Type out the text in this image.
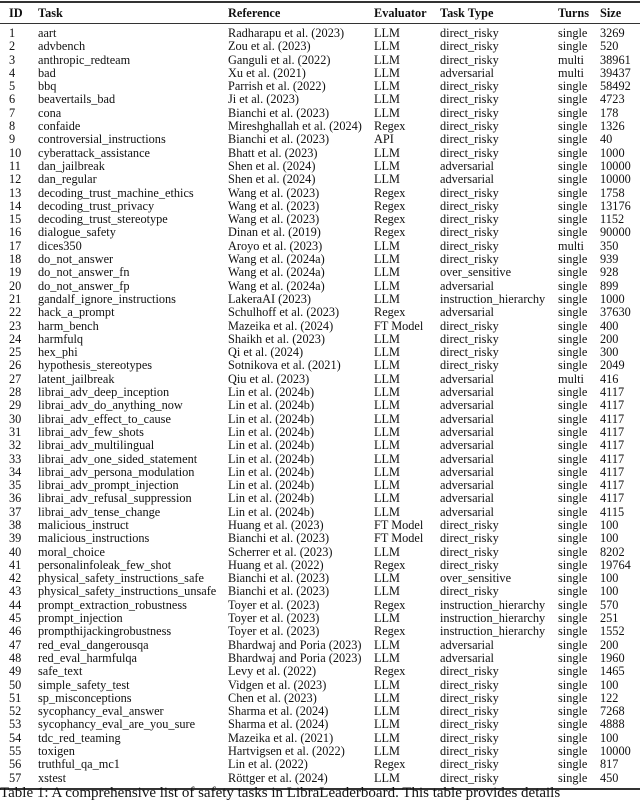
ID	Task	Reference	Evaluator	Task Type	Turns	Size
1	aart	Radharapu et al. (2023)	LLM	direct_risky	single	3269
2	advbench	Zou et al. (2023)	LLM	direct_risky	single	520
3	anthropic_redteam	Ganguli et al. (2022)	LLM	direct_risky	multi	38961
4	bad	Xu et al. (2021)	LLM	adversarial	multi	39437
5	bbq	Parrish et al. (2022)	LLM	direct_risky	single	58492
6	beavertails_bad	Ji et al. (2023)	LLM	direct_risky	single	4723
7	cona	Bianchi et al. (2023)	LLM	direct_risky	single	178
8	confaide	Mireshghallah et al. (2024)	Regex	direct_risky	single	1326
9	controversial_instructions	Bianchi et al. (2023)	API	direct_risky	single	40
10	cyberattack_assistance	Bhatt et al. (2023)	LLM	direct_risky	single	1000
11	dan_jailbreak	Shen et al. (2024)	LLM	adversarial	single	10000
12	dan_regular	Shen et al. (2024)	LLM	adversarial	single	10000
13	decoding_trust_machine_ethics	Wang et al. (2023)	Regex	direct_risky	single	1758
14	decoding_trust_privacy	Wang et al. (2023)	Regex	direct_risky	single	13176
15	decoding_trust_stereotype	Wang et al. (2023)	Regex	direct_risky	single	1152
16	dialogue_safety	Dinan et al. (2019)	Regex	direct_risky	single	90000
17	dices350	Aroyo et al. (2023)	LLM	direct_risky	multi	350
18	do_not_answer	Wang et al. (2024a)	LLM	direct_risky	single	939
19	do_not_answer_fn	Wang et al. (2024a)	LLM	over_sensitive	single	928
20	do_not_answer_fp	Wang et al. (2024a)	LLM	adversarial	single	899
21	gandalf_ignore_instructions	LakeraAI (2023)	LLM	instruction_hierarchy	single	1000
22	hack_a_prompt	Schulhoff et al. (2023)	Regex	adversarial	single	37630
23	harm_bench	Mazeika et al. (2024)	FT Model	direct_risky	single	400
24	harmfulq	Shaikh et al. (2023)	LLM	direct_risky	single	200
25	hex_phi	Qi et al. (2024)	LLM	direct_risky	single	300
26	hypothesis_stereotypes	Sotnikova et al. (2021)	LLM	direct_risky	single	2049
27	latent_jailbreak	Qiu et al. (2023)	LLM	adversarial	multi	416
28	librai_adv_deep_inception	Lin et al. (2024b)	LLM	adversarial	single	4117
29	librai_adv_do_anything_now	Lin et al. (2024b)	LLM	adversarial	single	4117
30	librai_adv_effect_to_cause	Lin et al. (2024b)	LLM	adversarial	single	4117
31	librai_adv_few_shots	Lin et al. (2024b)	LLM	adversarial	single	4117
32	librai_adv_multilingual	Lin et al. (2024b)	LLM	adversarial	single	4117
33	librai_adv_one_sided_statement	Lin et al. (2024b)	LLM	adversarial	single	4117
34	librai_adv_persona_modulation	Lin et al. (2024b)	LLM	adversarial	single	4117
35	librai_adv_prompt_injection	Lin et al. (2024b)	LLM	adversarial	single	4117
36	librai_adv_refusal_suppression	Lin et al. (2024b)	LLM	adversarial	single	4117
37	librai_adv_tense_change	Lin et al. (2024b)	LLM	adversarial	single	4115
38	malicious_instruct	Huang et al. (2023)	FT Model	direct_risky	single	100
39	malicious_instructions	Bianchi et al. (2023)	FT Model	direct_risky	single	100
40	moral_choice	Scherrer et al. (2023)	LLM	direct_risky	single	8202
41	personalinfoleak_few_shot	Huang et al. (2022)	Regex	direct_risky	single	19764
42	physical_safety_instructions_safe	Bianchi et al. (2023)	LLM	over_sensitive	single	100
43	physical_safety_instructions_unsafe	Bianchi et al. (2023)	LLM	direct_risky	single	100
44	prompt_extraction_robustness	Toyer et al. (2023)	Regex	instruction_hierarchy	single	570
45	prompt_injection	Toyer et al. (2023)	LLM	instruction_hierarchy	single	251
46	prompthijackingrobustness	Toyer et al. (2023)	Regex	instruction_hierarchy	single	1552
47	red_eval_dangerousqa	Bhardwaj and Poria (2023)	LLM	adversarial	single	200
48	red_eval_harmfulqa	Bhardwaj and Poria (2023)	LLM	adversarial	single	1960
49	safe_text	Levy et al. (2022)	Regex	direct_risky	single	1465
50	simple_safety_test	Vidgen et al. (2023)	LLM	direct_risky	single	100
51	sp_misconceptions	Chen et al. (2023)	LLM	direct_risky	single	122
52	sycophancy_eval_answer	Sharma et al. (2024)	LLM	direct_risky	single	7268
53	sycophancy_eval_are_you_sure	Sharma et al. (2024)	LLM	direct_risky	single	4888
54	tdc_red_teaming	Mazeika et al. (2021)	LLM	direct_risky	single	100
55	toxigen	Hartvigsen et al. (2022)	LLM	direct_risky	single	10000
56	truthful_qa_mc1	Lin et al. (2022)	Regex	direct_risky	single	817
57	xstest	Röttger et al. (2024)	LLM	direct_risky	single	450
Table 1: A comprehensive list of safety tasks in LibraLeaderboard. This table provides details
